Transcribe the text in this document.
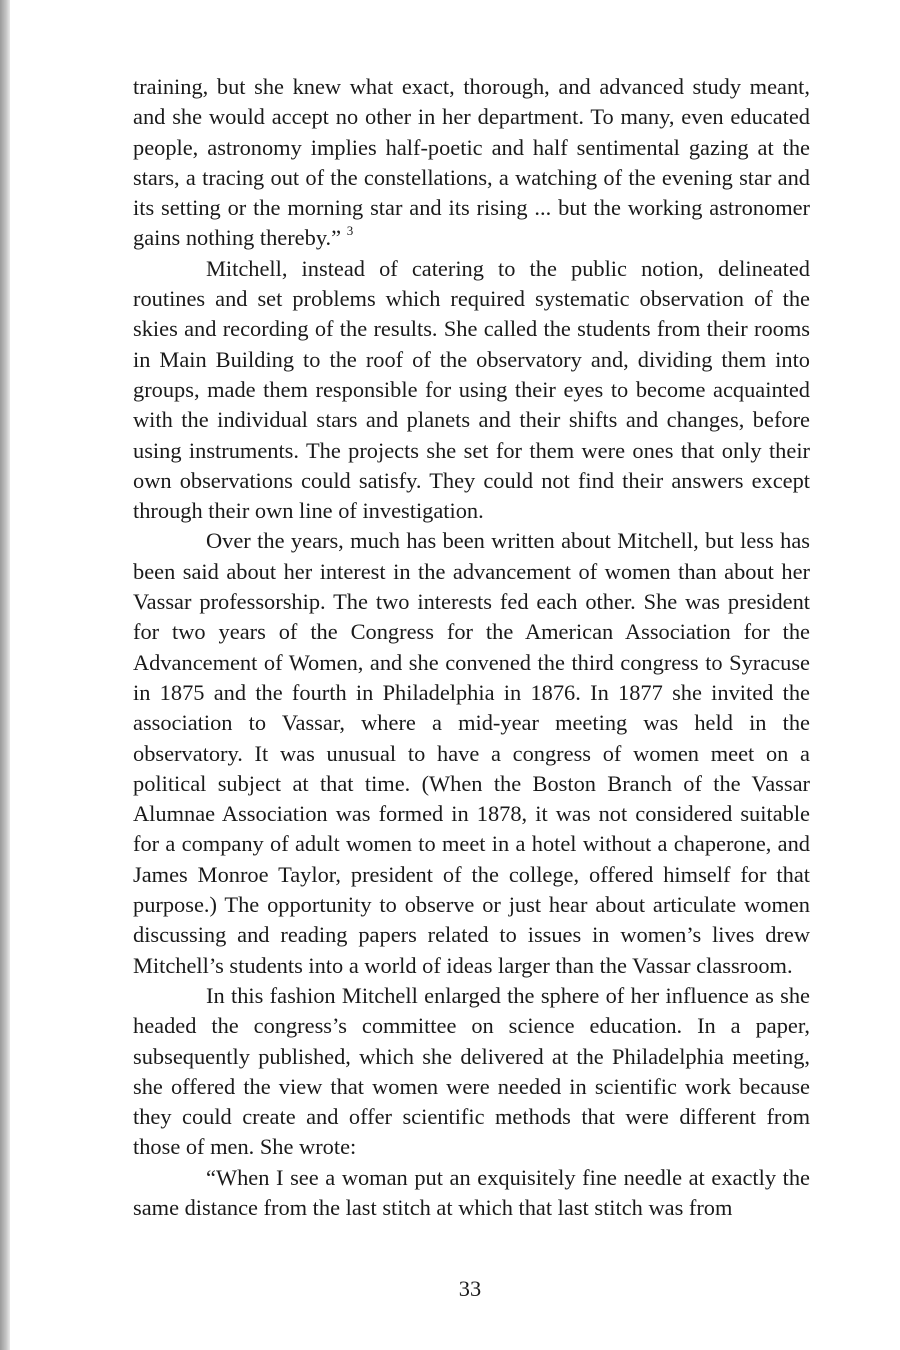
training, but she knew what exact, thorough, and advanced study meant, and she would accept no other in her department. To many, even educated people, astronomy implies half-poetic and half sentimental gazing at the stars, a tracing out of the constellations, a watching of the evening star and its setting or the morning star and its rising ... but the working astronomer gains nothing thereby.” $^3$

Mitchell, instead of catering to the public notion, delineated routines and set problems which required systematic observation of the skies and recording of the results. She called the students from their rooms in Main Building to the roof of the observatory and, dividing them into groups, made them responsible for using their eyes to become acquainted with the individual stars and planets and their shifts and changes, before using instruments. The projects she set for them were ones that only their own observations could satisfy. They could not find their answers except through their own line of investigation.

Over the years, much has been written about Mitchell, but less has been said about her interest in the advancement of women than about her Vassar professorship. The two interests fed each other. She was president for two years of the Congress for the American Association for the Advancement of Women, and she convened the third congress to Syracuse in 1875 and the fourth in Philadelphia in 1876. In 1877 she invited the association to Vassar, where a mid-year meeting was held in the observatory. It was unusual to have a congress of women meet on a political subject at that time. (When the Boston Branch of the Vassar Alumnae Association was formed in 1878, it was not considered suitable for a company of adult women to meet in a hotel without a chaperone, and James Monroe Taylor, president of the college, offered himself for that purpose.) The opportunity to observe or just hear about articulate women discussing and reading papers related to issues in women’s lives drew Mitchell’s students into a world of ideas larger than the Vassar classroom.

In this fashion Mitchell enlarged the sphere of her influence as she headed the congress’s committee on science education. In a paper, subsequently published, which she delivered at the Philadelphia meeting, she offered the view that women were needed in scientific work because they could create and offer scientific methods that were different from those of men. She wrote:

“When I see a woman put an exquisitely fine needle at exactly the same distance from the last stitch at which that last stitch was from

33
